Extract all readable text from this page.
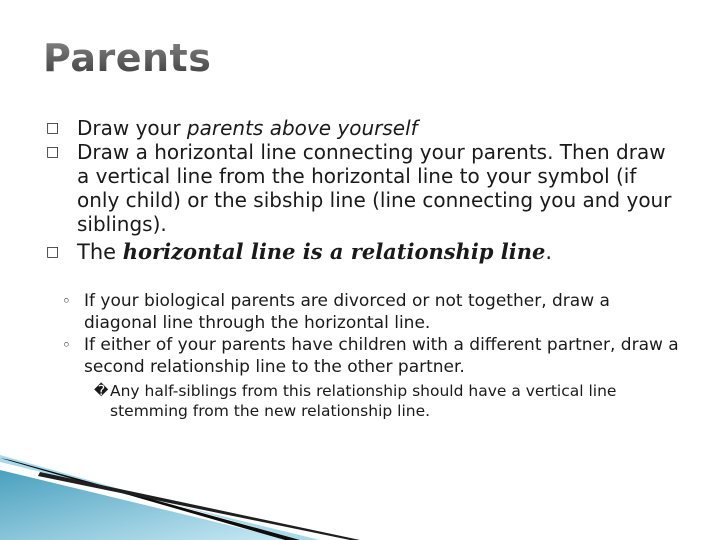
Parents
□ Draw your parents above yourself
□ Draw a horizontal line connecting your parents. Then draw a vertical line from the horizontal line to your symbol (if only child) or the sibship line (line connecting you and your siblings).
□ The horizontal line is a relationship line.
◦ If your biological parents are divorced or not together, draw a diagonal line through the horizontal line.
◦ If either of your parents have children with a different partner, draw a second relationship line to the other partner.
� Any half-siblings from this relationship should have a vertical line stemming from the new relationship line.
